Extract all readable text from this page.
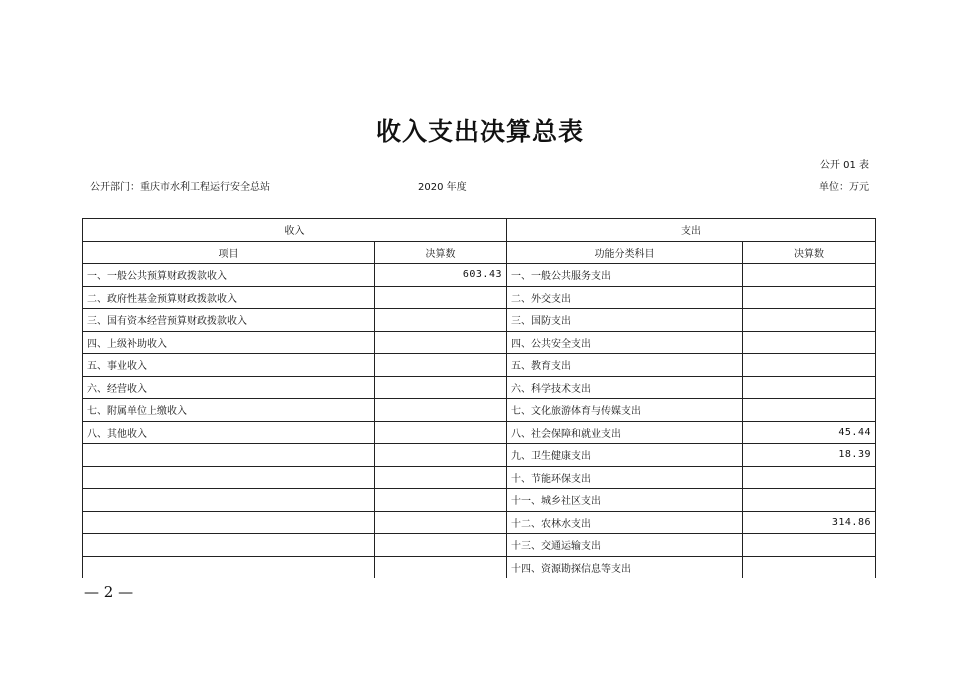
收入支出决算总表
公开 01 表
公开部门：重庆市水利工程运行安全总站	2020 年度	单位：万元
收入		支出	
项目	决算数	功能分类科目	决算数
一、一般公共预算财政拨款收入	603.43	一、一般公共服务支出	
二、政府性基金预算财政拨款收入		二、外交支出	
三、国有资本经营预算财政拨款收入		三、国防支出	
四、上级补助收入		四、公共安全支出	
五、事业收入		五、教育支出	
六、经营收入		六、科学技术支出	
七、附属单位上缴收入		七、文化旅游体育与传媒支出	
八、其他收入		八、社会保障和就业支出	45.44
		九、卫生健康支出	18.39
		十、节能环保支出	
		十一、城乡社区支出	
		十二、农林水支出	314.86
		十三、交通运输支出	
		十四、资源勘探信息等支出	
— 2 —
